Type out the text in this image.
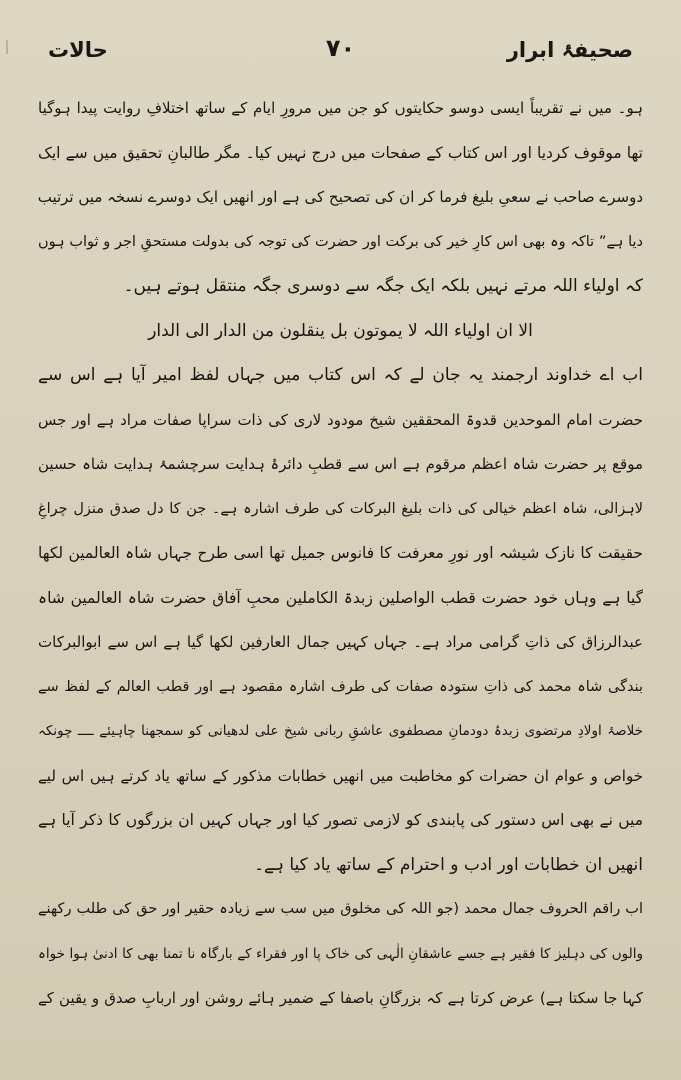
صحیفۂ ابرار
۷۰
حالات
ہو۔ میں نے تقریباً ایسی دوسو حکایتوں کو جن میں مرورِ ایام کے ساتھ اختلافِ روایت پیدا ہوگیا
تھا موقوف کردیا اور اس کتاب کے صفحات میں درج نہیں کیا۔ مگر طالبانِ تحقیق میں سے ایک
دوسرے صاحب نے سعیِ بلیغ فرما کر ان کی تصحیح کی ہے اور انھیں ایک دوسرے نسخہ میں ترتیب
دیا ہے” تاکہ وہ بھی اس کارِ خیر کی برکت اور حضرت کی توجہ کی بدولت مستحقِ اجر و ثواب ہوں
کہ اولیاء اللہ مرتے نہیں بلکہ ایک جگہ سے دوسری جگہ منتقل ہوتے ہیں۔
الا ان اولیاء اللہ لا یموتون بل ینقلون من الدار الی الدار
اب اے خداوند ارجمند یہ جان لے کہ اس کتاب میں جہاں لفظ امیر آیا ہے اس سے
حضرت امام الموحدین قدوۃ المحققین شیخ مودود لاری کی ذات سراپا صفات مراد ہے اور جس
موقع پر حضرت شاہ اعظم مرقوم ہے اس سے قطبِ دائرۂ ہدایت سرچشمۂ ہدایت شاہ حسین
لاہزالی، شاہ اعظم خیالی کی ذات بلیغ البرکات کی طرف اشارہ ہے۔ جن کا دل صدق منزل چراغِ
حقیقت کا نازک شیشہ اور نورِ معرفت کا فانوس جمیل تھا اسی طرح جہاں شاہ العالمین لکھا
گیا ہے وہاں خود حضرت قطب الواصلین زبدۃ الکاملین محبِ آفاق حضرت شاہ العالمین شاہ
عبدالرزاق کی ذاتِ گرامی مراد ہے۔ جہاں کہیں جمال العارفین لکھا گیا ہے اس سے ابوالبرکات
بندگی شاہ محمد کی ذاتِ ستودہ صفات کی طرف اشارہ مقصود ہے اور قطب العالم کے لفظ سے
خلاصۂ اولادِ مرتضوی زبدۂ دودمانِ مصطفوی عاشقِ ربانی شیخ علی لدھیانی کو سمجھنا چاہیئے ــــ چونکہ
خواص و عوام ان حضرات کو مخاطبت میں انھیں خطابات مذکور کے ساتھ یاد کرتے ہیں اس لیے
میں نے بھی اس دستور کی پابندی کو لازمی تصور کیا اور جہاں کہیں ان بزرگوں کا ذکر آیا ہے
انھیں ان خطابات اور ادب و احترام کے ساتھ یاد کیا ہے۔
اب راقم الحروف جمال محمد (جو اللہ کی مخلوق میں سب سے زیادہ حقیر اور حق کی طلب رکھنے
والوں کی دہلیز کا فقیر ہے جسے عاشقانِ الٰہی کی خاک پا اور فقراء کے بارگاہ نا تمنا بھی کا ادنیٰ ہوا خواہ
کہا جا سکتا ہے) عرض کرتا ہے کہ بزرگانِ باصفا کے ضمیر ہائے روشن اور اربابِ صدق و یقین کے
